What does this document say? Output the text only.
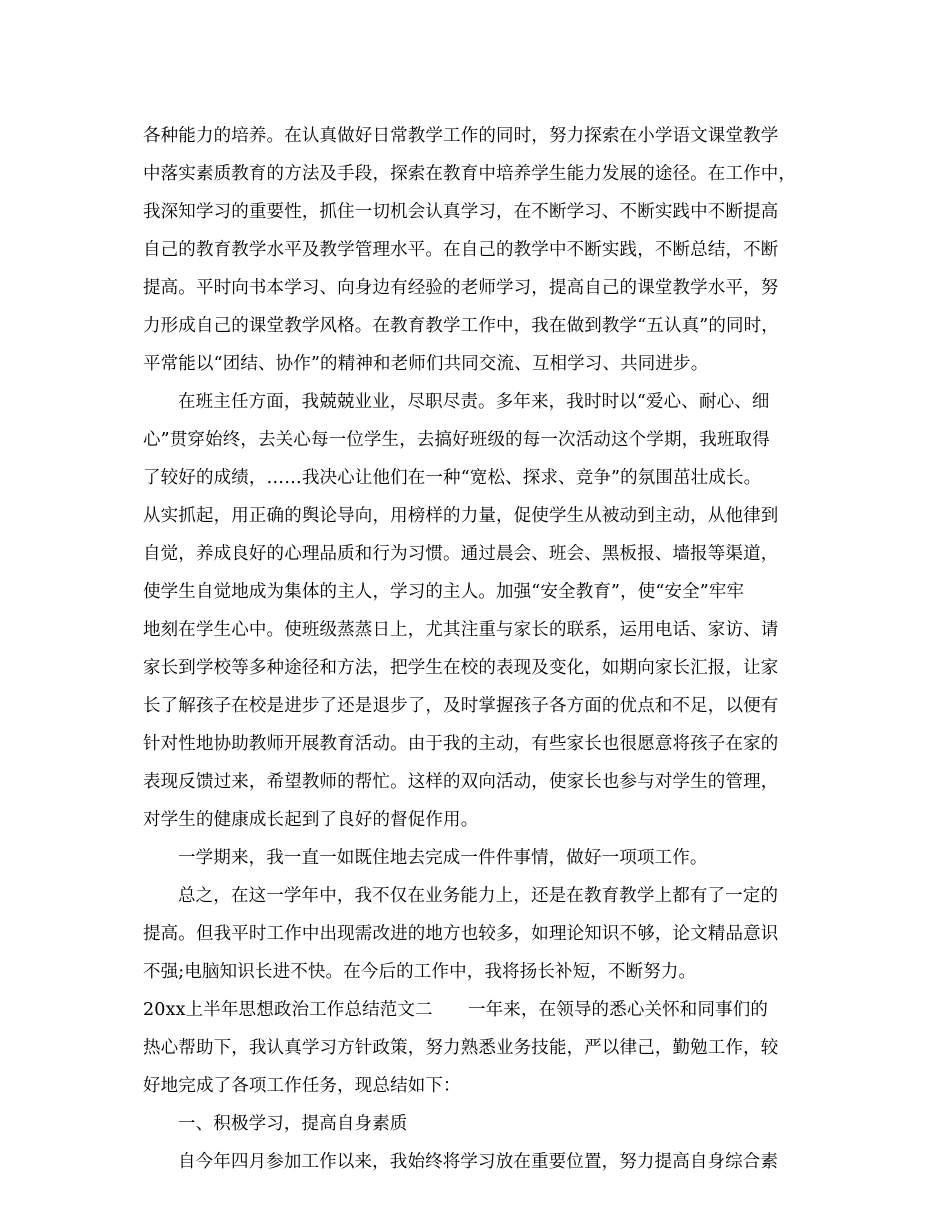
各种能力的培养。在认真做好日常教学工作的同时，努力探索在小学语文课堂教学
中落实素质教育的方法及手段，探索在教育中培养学生能力发展的途径。在工作中，
我深知学习的重要性，抓住一切机会认真学习，在不断学习、不断实践中不断提高
自己的教育教学水平及教学管理水平。在自己的教学中不断实践，不断总结，不断
提高。平时向书本学习、向身边有经验的老师学习，提高自己的课堂教学水平，努
力形成自己的课堂教学风格。在教育教学工作中，我在做到教学“五认真”的同时，
平常能以“团结、协作”的精神和老师们共同交流、互相学习、共同进步。
在班主任方面，我兢兢业业，尽职尽责。多年来，我时时以“爱心、耐心、细
心”贯穿始终，去关心每一位学生，去搞好班级的每一次活动这个学期，我班取得
了较好的成绩，……我决心让他们在一种“宽松、探求、竞争”的氛围茁壮成长。
从实抓起，用正确的舆论导向，用榜样的力量，促使学生从被动到主动，从他律到
自觉，养成良好的心理品质和行为习惯。通过晨会、班会、黑板报、墙报等渠道，
使学生自觉地成为集体的主人，学习的主人。加强“安全教育”，使“安全”牢牢
地刻在学生心中。使班级蒸蒸日上，尤其注重与家长的联系，运用电话、家访、请
家长到学校等多种途径和方法，把学生在校的表现及变化，如期向家长汇报，让家
长了解孩子在校是进步了还是退步了，及时掌握孩子各方面的优点和不足，以便有
针对性地协助教师开展教育活动。由于我的主动，有些家长也很愿意将孩子在家的
表现反馈过来，希望教师的帮忙。这样的双向活动，使家长也参与对学生的管理，
对学生的健康成长起到了良好的督促作用。
一学期来，我一直一如既住地去完成一件件事情，做好一项项工作。
总之，在这一学年中，我不仅在业务能力上，还是在教育教学上都有了一定的
提高。但我平时工作中出现需改进的地方也较多，如理论知识不够，论文精品意识
不强;电脑知识长进不快。在今后的工作中，我将扬长补短，不断努力。
20xx上半年思想政治工作总结范文二　　一年来，在领导的悉心关怀和同事们的
热心帮助下，我认真学习方针政策，努力熟悉业务技能，严以律己，勤勉工作，较
好地完成了各项工作任务，现总结如下：
一、积极学习，提高自身素质
自今年四月参加工作以来，我始终将学习放在重要位置，努力提高自身综合素
